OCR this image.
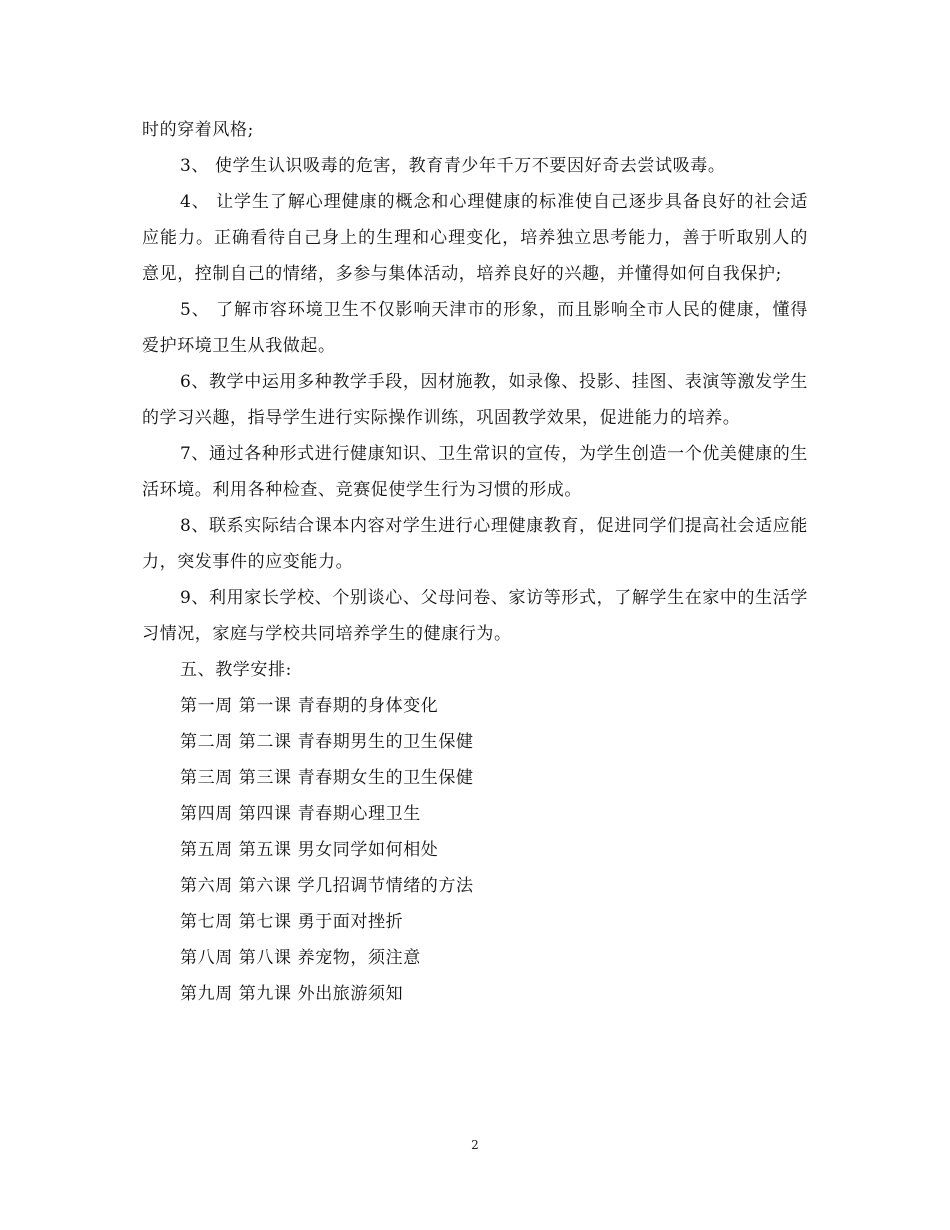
时的穿着风格;

3、 使学生认识吸毒的危害，教育青少年千万不要因好奇去尝试吸毒。

4、 让学生了解心理健康的概念和心理健康的标准使自己逐步具备良好的社会适应能力。正确看待自己身上的生理和心理变化，培养独立思考能力，善于听取别人的意见，控制自己的情绪，多参与集体活动，培养良好的兴趣，并懂得如何自我保护;

5、 了解市容环境卫生不仅影响天津市的形象，而且影响全市人民的健康，懂得爱护环境卫生从我做起。

6、教学中运用多种教学手段，因材施教，如录像、投影、挂图、表演等激发学生的学习兴趣，指导学生进行实际操作训练，巩固教学效果，促进能力的培养。

7、通过各种形式进行健康知识、卫生常识的宣传，为学生创造一个优美健康的生活环境。利用各种检查、竞赛促使学生行为习惯的形成。

8、联系实际结合课本内容对学生进行心理健康教育，促进同学们提高社会适应能力，突发事件的应变能力。

9、利用家长学校、个别谈心、父母问卷、家访等形式，了解学生在家中的生活学习情况，家庭与学校共同培养学生的健康行为。

五、教学安排:

第一周 第一课 青春期的身体变化

第二周 第二课 青春期男生的卫生保健

第三周 第三课 青春期女生的卫生保健

第四周 第四课 青春期心理卫生

第五周 第五课 男女同学如何相处

第六周 第六课 学几招调节情绪的方法

第七周 第七课 勇于面对挫折

第八周 第八课 养宠物，须注意

第九周 第九课 外出旅游须知

2
